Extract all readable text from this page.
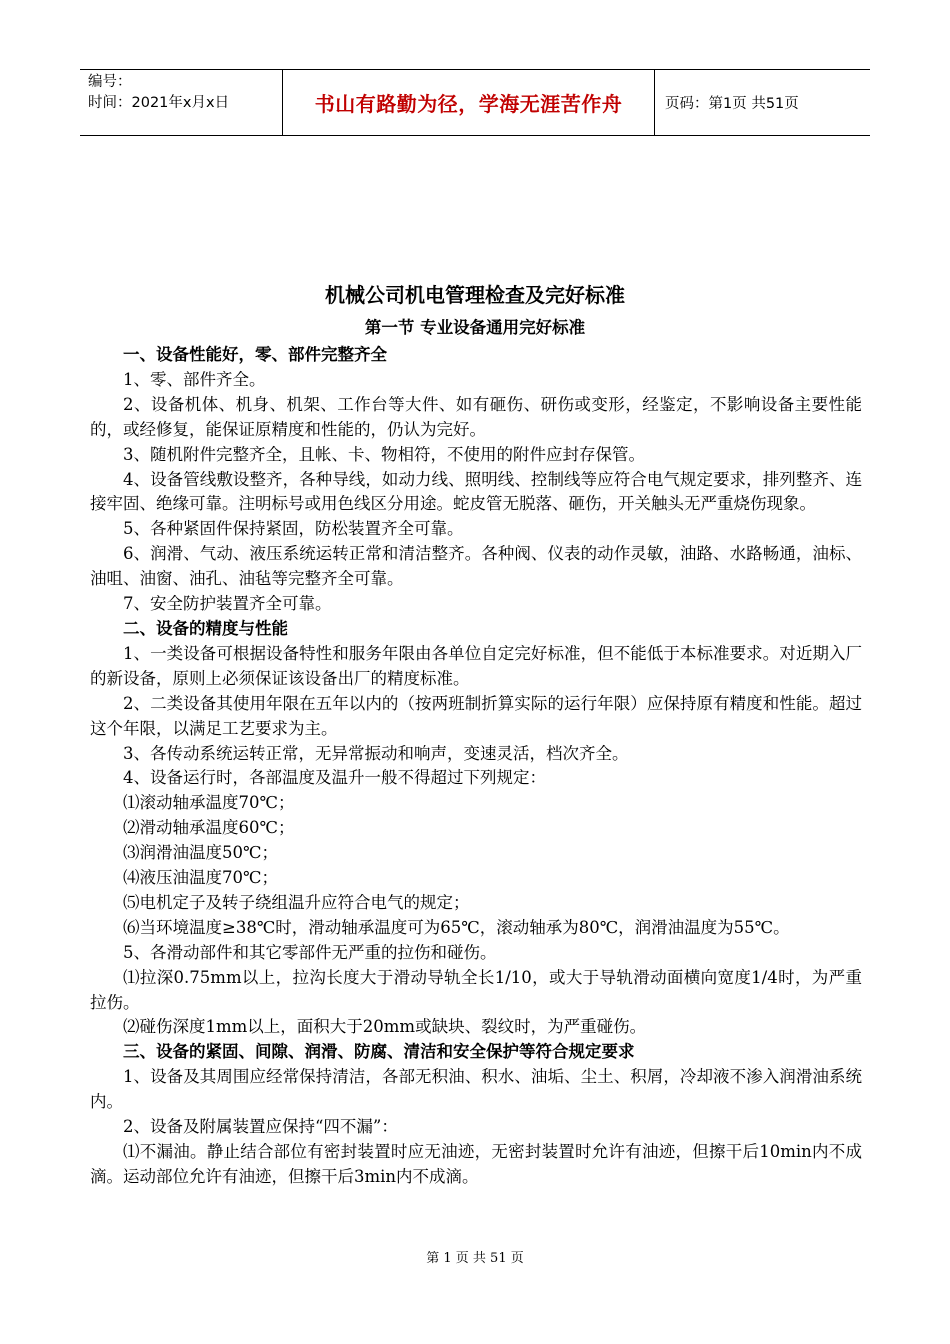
编号：
时间：2021年x月x日	书山有路勤为径，学海无涯苦作舟	页码：第1页 共51页
机械公司机电管理检查及完好标准
第一节 专业设备通用完好标准

一、设备性能好，零、部件完整齐全

1、零、部件齐全。

2、设备机体、机身、机架、工作台等大件、如有砸伤、研伤或变形，经鉴定，不影响设备主要性能的，或经修复，能保证原精度和性能的，仍认为完好。

3、随机附件完整齐全，且帐、卡、物相符，不使用的附件应封存保管。

4、设备管线敷设整齐，各种导线，如动力线、照明线、控制线等应符合电气规定要求，排列整齐、连接牢固、绝缘可靠。注明标号或用色线区分用途。蛇皮管无脱落、砸伤，开关触头无严重烧伤现象。

5、各种紧固件保持紧固，防松装置齐全可靠。

6、润滑、气动、液压系统运转正常和清洁整齐。各种阀、仪表的动作灵敏，油路、水路畅通，油标、油咀、油窗、油孔、油毡等完整齐全可靠。

7、安全防护装置齐全可靠。

二、设备的精度与性能

1、一类设备可根据设备特性和服务年限由各单位自定完好标准，但不能低于本标准要求。对近期入厂的新设备，原则上必须保证该设备出厂的精度标准。

2、二类设备其使用年限在五年以内的（按两班制折算实际的运行年限）应保持原有精度和性能。超过这个年限，以满足工艺要求为主。

3、各传动系统运转正常，无异常振动和响声，变速灵活，档次齐全。

4、设备运行时，各部温度及温升一般不得超过下列规定：

⑴滚动轴承温度70℃；

⑵滑动轴承温度60℃；

⑶润滑油温度50℃；

⑷液压油温度70℃；

⑸电机定子及转子绕组温升应符合电气的规定；

⑹当环境温度≥38℃时，滑动轴承温度可为65℃，滚动轴承为80℃，润滑油温度为55℃。

5、各滑动部件和其它零部件无严重的拉伤和碰伤。

⑴拉深0.75mm以上，拉沟长度大于滑动导轨全长1/10，或大于导轨滑动面横向宽度1/4时，为严重拉伤。

⑵碰伤深度1mm以上，面积大于20mm或缺块、裂纹时，为严重碰伤。

三、设备的紧固、间隙、润滑、防腐、清洁和安全保护等符合规定要求

1、设备及其周围应经常保持清洁，各部无积油、积水、油垢、尘土、积屑，冷却液不渗入润滑油系统内。

2、设备及附属装置应保持“四不漏”：

⑴不漏油。静止结合部位有密封装置时应无油迹，无密封装置时允许有油迹，但擦干后10min内不成滴。运动部位允许有油迹，但擦干后3min内不成滴。

第 1 页 共 51 页
